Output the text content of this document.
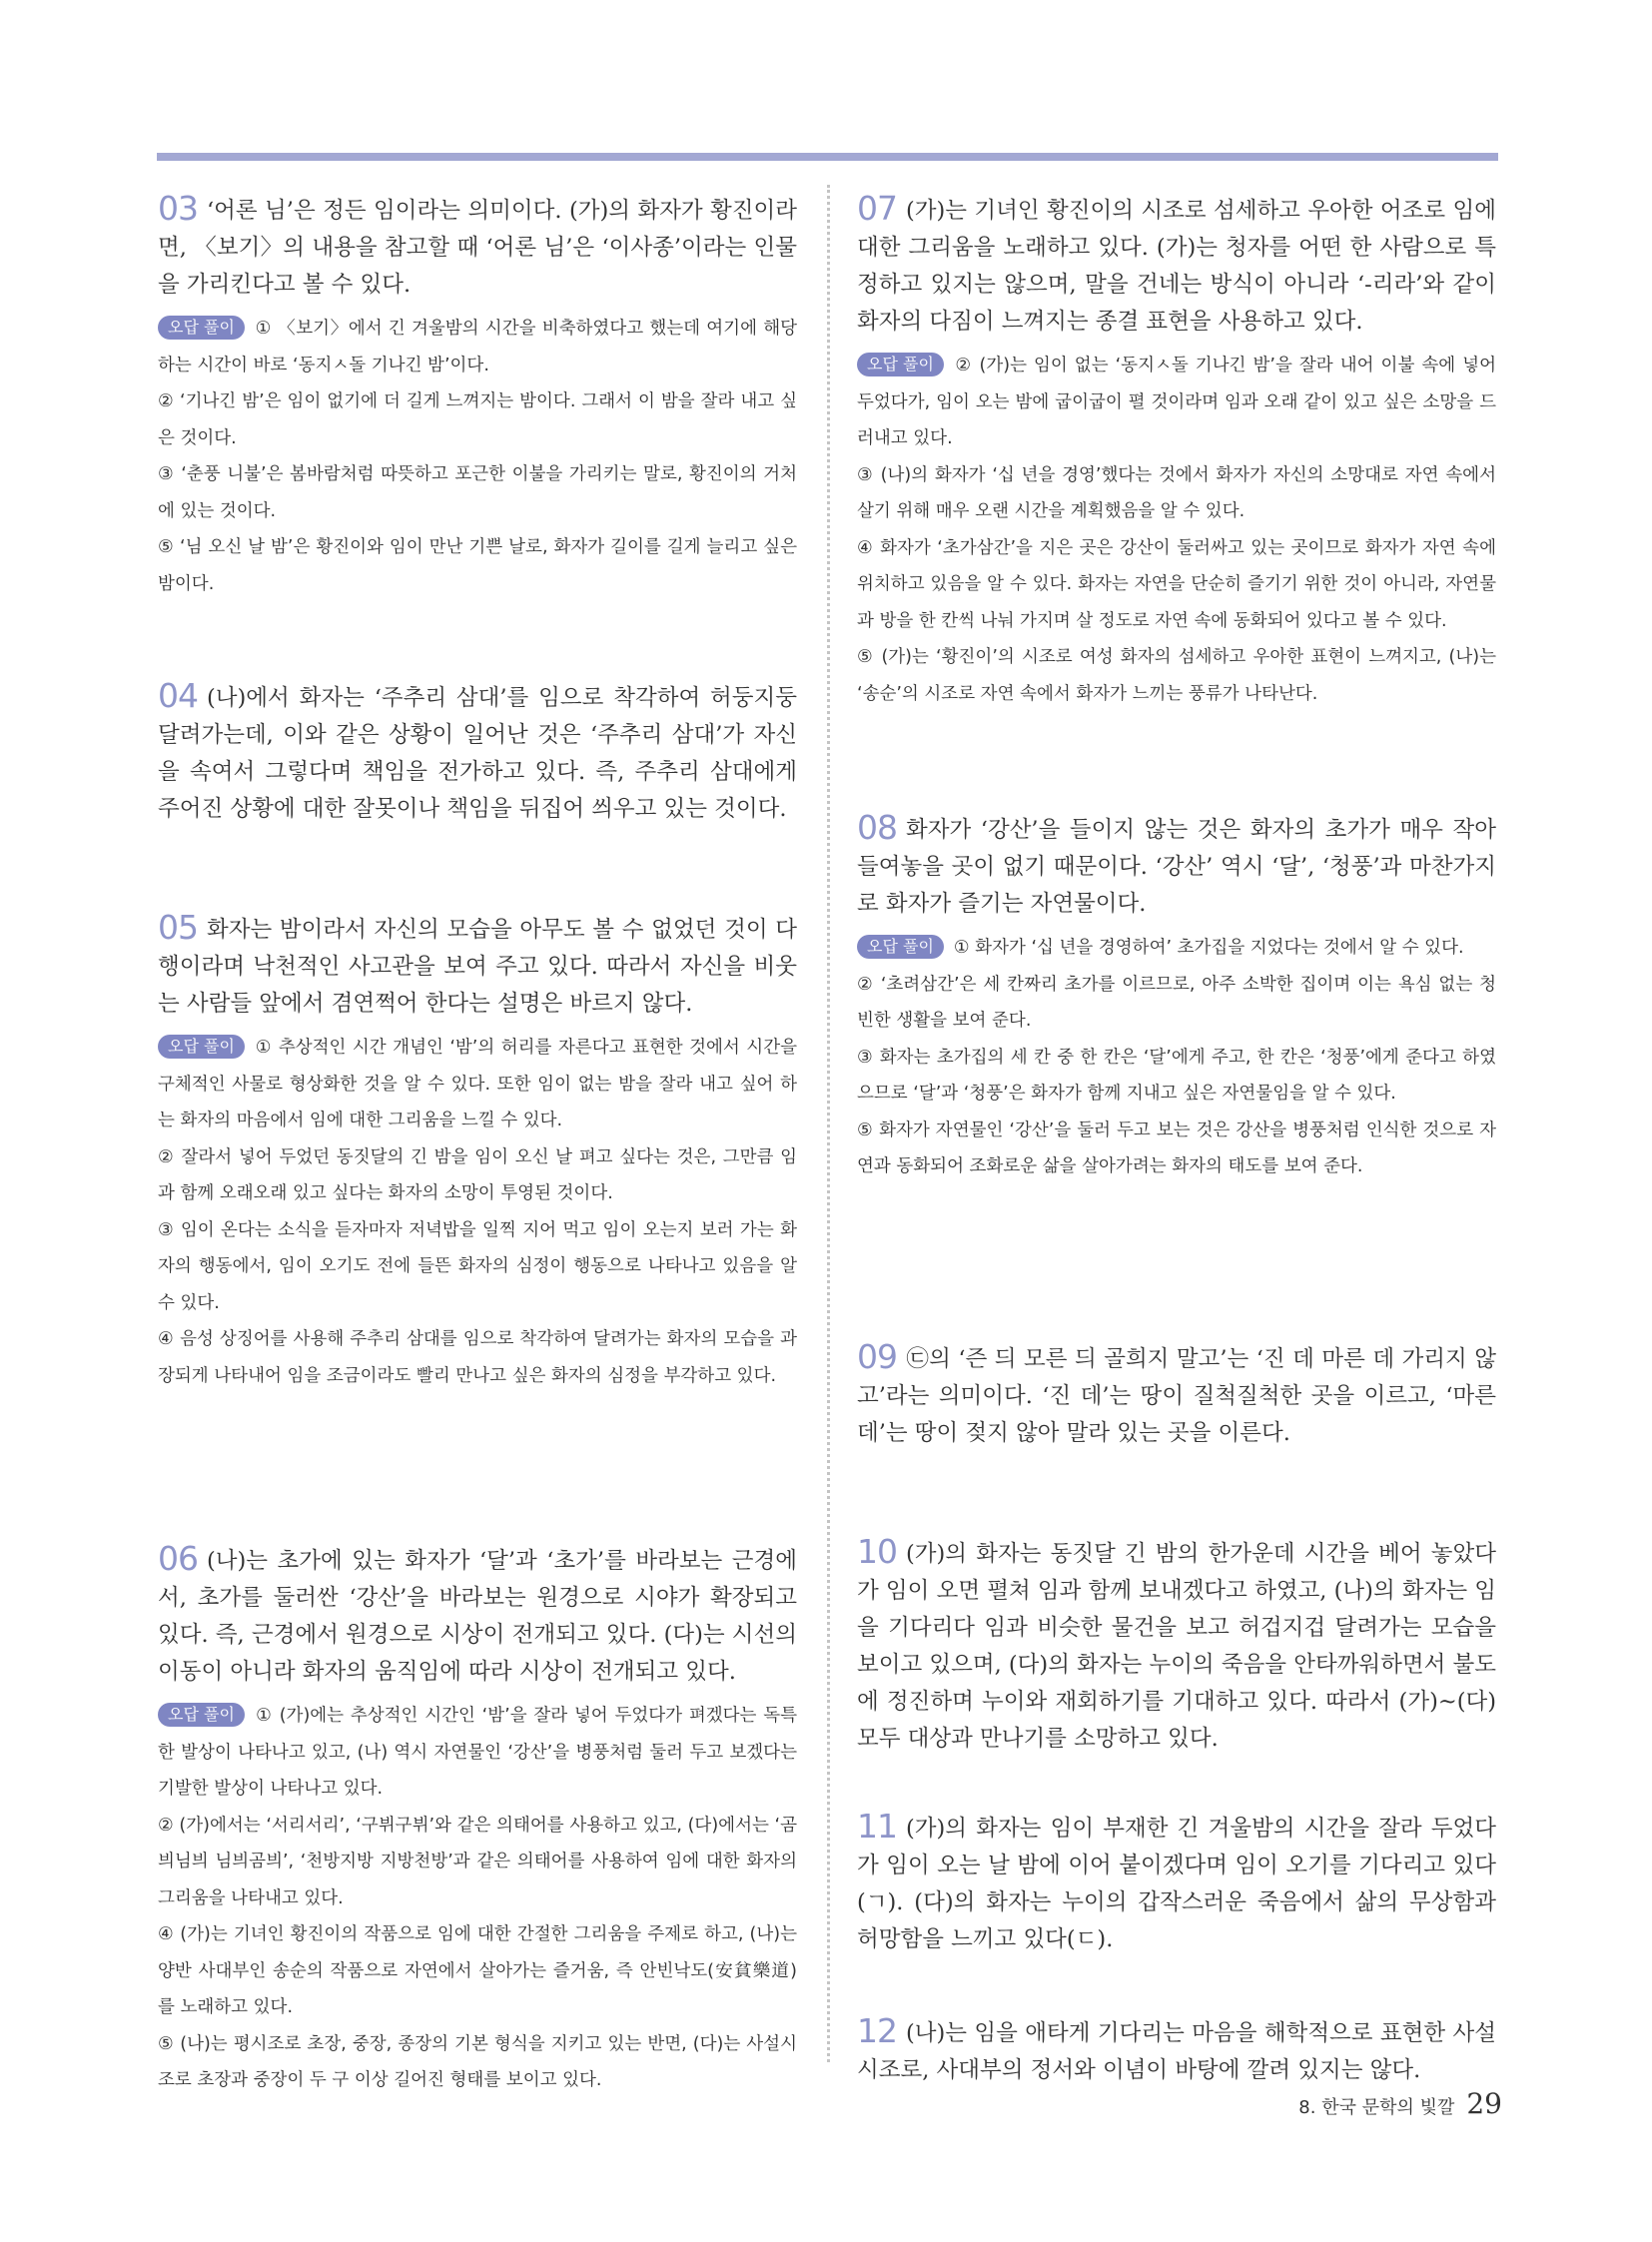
03 ‘어론 님’은 정든 임이라는 의미이다. (가)의 화자가 황진이라면, 〈보기〉의 내용을 참고할 때 ‘어론 님’은 ‘이사종’이라는 인물을 가리킨다고 볼 수 있다.

오답 풀이 ① 〈보기〉에서 긴 겨울밤의 시간을 비축하였다고 했는데 여기에 해당하는 시간이 바로 ‘동지ㅅ돌 기나긴 밤’이다.

② ‘기나긴 밤’은 임이 없기에 더 길게 느껴지는 밤이다. 그래서 이 밤을 잘라 내고 싶은 것이다.

③ ‘춘풍 니불’은 봄바람처럼 따뜻하고 포근한 이불을 가리키는 말로, 황진이의 거처에 있는 것이다.

⑤ ‘님 오신 날 밤’은 황진이와 임이 만난 기쁜 날로, 화자가 길이를 길게 늘리고 싶은 밤이다.

04 (나)에서 화자는 ‘주추리 삼대’를 임으로 착각하여 허둥지둥 달려가는데, 이와 같은 상황이 일어난 것은 ‘주추리 삼대’가 자신을 속여서 그렇다며 책임을 전가하고 있다. 즉, 주추리 삼대에게 주어진 상황에 대한 잘못이나 책임을 뒤집어 씌우고 있는 것이다.

05 화자는 밤이라서 자신의 모습을 아무도 볼 수 없었던 것이 다행이라며 낙천적인 사고관을 보여 주고 있다. 따라서 자신을 비웃는 사람들 앞에서 겸연쩍어 한다는 설명은 바르지 않다.

오답 풀이 ① 추상적인 시간 개념인 ‘밤’의 허리를 자른다고 표현한 것에서 시간을 구체적인 사물로 형상화한 것을 알 수 있다. 또한 임이 없는 밤을 잘라 내고 싶어 하는 화자의 마음에서 임에 대한 그리움을 느낄 수 있다.

② 잘라서 넣어 두었던 동짓달의 긴 밤을 임이 오신 날 펴고 싶다는 것은, 그만큼 임과 함께 오래오래 있고 싶다는 화자의 소망이 투영된 것이다.

③ 임이 온다는 소식을 듣자마자 저녁밥을 일찍 지어 먹고 임이 오는지 보러 가는 화자의 행동에서, 임이 오기도 전에 들뜬 화자의 심정이 행동으로 나타나고 있음을 알 수 있다.

④ 음성 상징어를 사용해 주추리 삼대를 임으로 착각하여 달려가는 화자의 모습을 과장되게 나타내어 임을 조금이라도 빨리 만나고 싶은 화자의 심정을 부각하고 있다.

06 (나)는 초가에 있는 화자가 ‘달’과 ‘초가’를 바라보는 근경에서, 초가를 둘러싼 ‘강산’을 바라보는 원경으로 시야가 확장되고 있다. 즉, 근경에서 원경으로 시상이 전개되고 있다. (다)는 시선의 이동이 아니라 화자의 움직임에 따라 시상이 전개되고 있다.

오답 풀이 ① (가)에는 추상적인 시간인 ‘밤’을 잘라 넣어 두었다가 펴겠다는 독특한 발상이 나타나고 있고, (나) 역시 자연물인 ‘강산’을 병풍처럼 둘러 두고 보겠다는 기발한 발상이 나타나고 있다.

② (가)에서는 ‘서리서리’, ‘구뷔구뷔’와 같은 의태어를 사용하고 있고, (다)에서는 ‘곰븨님븨 님븨곰븨’, ‘천방지방 지방천방’과 같은 의태어를 사용하여 임에 대한 화자의 그리움을 나타내고 있다.

④ (가)는 기녀인 황진이의 작품으로 임에 대한 간절한 그리움을 주제로 하고, (나)는 양반 사대부인 송순의 작품으로 자연에서 살아가는 즐거움, 즉 안빈낙도(安貧樂道)를 노래하고 있다.

⑤ (나)는 평시조로 초장, 중장, 종장의 기본 형식을 지키고 있는 반면, (다)는 사설시조로 초장과 중장이 두 구 이상 길어진 형태를 보이고 있다.

07 (가)는 기녀인 황진이의 시조로 섬세하고 우아한 어조로 임에 대한 그리움을 노래하고 있다. (가)는 청자를 어떤 한 사람으로 특정하고 있지는 않으며, 말을 건네는 방식이 아니라 ‘-리라’와 같이 화자의 다짐이 느껴지는 종결 표현을 사용하고 있다.

오답 풀이 ② (가)는 임이 없는 ‘동지ㅅ돌 기나긴 밤’을 잘라 내어 이불 속에 넣어 두었다가, 임이 오는 밤에 굽이굽이 펼 것이라며 임과 오래 같이 있고 싶은 소망을 드러내고 있다.

③ (나)의 화자가 ‘십 년을 경영’했다는 것에서 화자가 자신의 소망대로 자연 속에서 살기 위해 매우 오랜 시간을 계획했음을 알 수 있다.

④ 화자가 ‘초가삼간’을 지은 곳은 강산이 둘러싸고 있는 곳이므로 화자가 자연 속에 위치하고 있음을 알 수 있다. 화자는 자연을 단순히 즐기기 위한 것이 아니라, 자연물과 방을 한 칸씩 나눠 가지며 살 정도로 자연 속에 동화되어 있다고 볼 수 있다.

⑤ (가)는 ‘황진이’의 시조로 여성 화자의 섬세하고 우아한 표현이 느껴지고, (나)는 ‘송순’의 시조로 자연 속에서 화자가 느끼는 풍류가 나타난다.

08 화자가 ‘강산’을 들이지 않는 것은 화자의 초가가 매우 작아 들여놓을 곳이 없기 때문이다. ‘강산’ 역시 ‘달’, ‘청풍’과 마찬가지로 화자가 즐기는 자연물이다.

오답 풀이 ① 화자가 ‘십 년을 경영하여’ 초가집을 지었다는 것에서 알 수 있다.

② ‘초려삼간’은 세 칸짜리 초가를 이르므로, 아주 소박한 집이며 이는 욕심 없는 청빈한 생활을 보여 준다.

③ 화자는 초가집의 세 칸 중 한 칸은 ‘달’에게 주고, 한 칸은 ‘청풍’에게 준다고 하였으므로 ‘달’과 ‘청풍’은 화자가 함께 지내고 싶은 자연물임을 알 수 있다.

⑤ 화자가 자연물인 ‘강산’을 둘러 두고 보는 것은 강산을 병풍처럼 인식한 것으로 자연과 동화되어 조화로운 삶을 살아가려는 화자의 태도를 보여 준다.

09 ㉢의 ‘즌 듸 모른 듸 골희지 말고’는 ‘진 데 마른 데 가리지 않고’라는 의미이다. ‘진 데’는 땅이 질척질척한 곳을 이르고, ‘마른 데’는 땅이 젖지 않아 말라 있는 곳을 이른다.

10 (가)의 화자는 동짓달 긴 밤의 한가운데 시간을 베어 놓았다가 임이 오면 펼쳐 임과 함께 보내겠다고 하였고, (나)의 화자는 임을 기다리다 임과 비슷한 물건을 보고 허겁지겁 달려가는 모습을 보이고 있으며, (다)의 화자는 누이의 죽음을 안타까워하면서 불도에 정진하며 누이와 재회하기를 기대하고 있다. 따라서 (가)~(다) 모두 대상과 만나기를 소망하고 있다.

11 (가)의 화자는 임이 부재한 긴 겨울밤의 시간을 잘라 두었다가 임이 오는 날 밤에 이어 붙이겠다며 임이 오기를 기다리고 있다(ㄱ). (다)의 화자는 누이의 갑작스러운 죽음에서 삶의 무상함과 허망함을 느끼고 있다(ㄷ).

12 (나)는 임을 애타게 기다리는 마음을 해학적으로 표현한 사설시조로, 사대부의 정서와 이념이 바탕에 깔려 있지는 않다.

8. 한국 문학의 빛깔 29
